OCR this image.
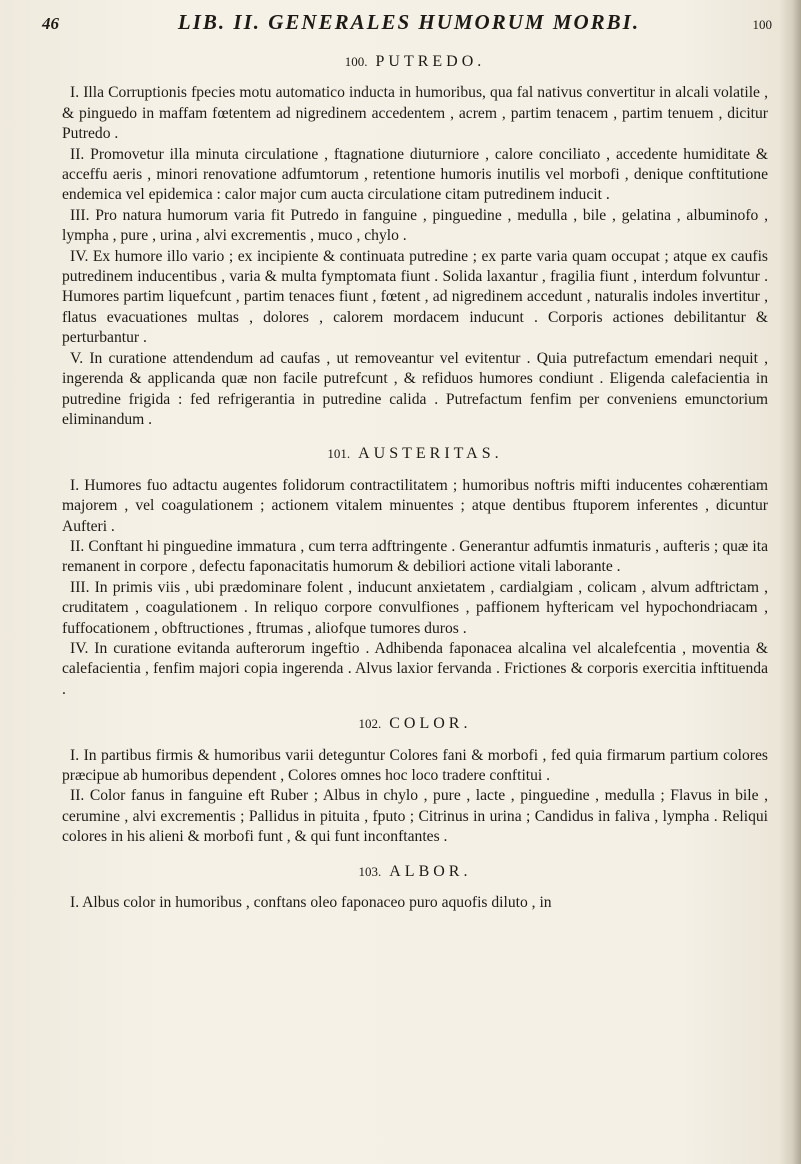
46	LIB. II. GENERALES HUMORUM MORBI.	100
100. PUTREDO.

I. Illa Corruptionis fpecies motu automatico inducta in humoribus, qua fal nativus convertitur in alcali volatile , & pinguedo in maffam fœtentem ad nigredinem accedentem , acrem , partim tenacem , partim tenuem , dicitur Putredo .

II. Promovetur illa minuta circulatione , ftagnatione diuturniore , calore conciliato , accedente humiditate & acceffu aeris , minori renovatione adfumtorum , retentione humoris inutilis vel morbofi , denique conftitutione endemica vel epidemica : calor major cum aucta circulatione citam putredinem inducit .

III. Pro natura humorum varia fit Putredo in fanguine , pinguedine , medulla , bile , gelatina , albuminofo , lympha , pure , urina , alvi excrementis , muco , chylo .

IV. Ex humore illo vario ; ex incipiente & continuata putredine ; ex parte varia quam occupat ; atque ex caufis putredinem inducentibus , varia & multa fymptomata fiunt . Solida laxantur , fragilia fiunt , interdum folvuntur . Humores partim liquefcunt , partim tenaces fiunt , fœtent , ad nigredinem accedunt , naturalis indoles invertitur , flatus evacuationes multas , dolores , calorem mordacem inducunt . Corporis actiones debilitantur & perturbantur .

V. In curatione attendendum ad caufas , ut removeantur vel evitentur . Quia putrefactum emendari nequit , ingerenda & applicanda quæ non facile putrefcunt , & refiduos humores condiunt . Eligenda calefacientia in putredine frigida : fed refrigerantia in putredine calida . Putrefactum fenfim per conveniens emunctorium eliminandum .

101. AUSTERITAS.

I. Humores fuo adtactu augentes folidorum contractilitatem ; humoribus noftris mifti inducentes cohærentiam majorem , vel coagulationem ; actionem vitalem minuentes ; atque dentibus ftuporem inferentes , dicuntur Aufteri .

II. Conftant hi pinguedine immatura , cum terra adftringente . Generantur adfumtis inmaturis , aufteris ; quæ ita remanent in corpore , defectu faponacitatis humorum & debiliori actione vitali laborante .

III. In primis viis , ubi prædominare folent , inducunt anxietatem , cardialgiam , colicam , alvum adftrictam , cruditatem , coagulationem . In reliquo corpore convulfiones , paffionem hyftericam vel hypochondriacam , fuffocationem , obftructiones , ftrumas , aliofque tumores duros .

IV. In curatione evitanda aufterorum ingeftio . Adhibenda faponacea alcalina vel alcalefcentia , moventia & calefacientia , fenfim majori copia ingerenda . Alvus laxior fervanda . Frictiones & corporis exercitia inftituenda .

102. COLOR.

I. In partibus firmis & humoribus varii deteguntur Colores fani & morbofi , fed quia firmarum partium colores præcipue ab humoribus dependent , Colores omnes hoc loco tradere conftitui .

II. Color fanus in fanguine eft Ruber ; Albus in chylo , pure , lacte , pinguedine , medulla ; Flavus in bile , cerumine , alvi excrementis ; Pallidus in pituita , fputo ; Citrinus in urina ; Candidus in faliva , lympha . Reliqui colores in his alieni & morbofi funt , & qui funt inconftantes .

103. ALBOR.

I. Albus color in humoribus , conftans oleo faponaceo puro aquofis diluto , in
